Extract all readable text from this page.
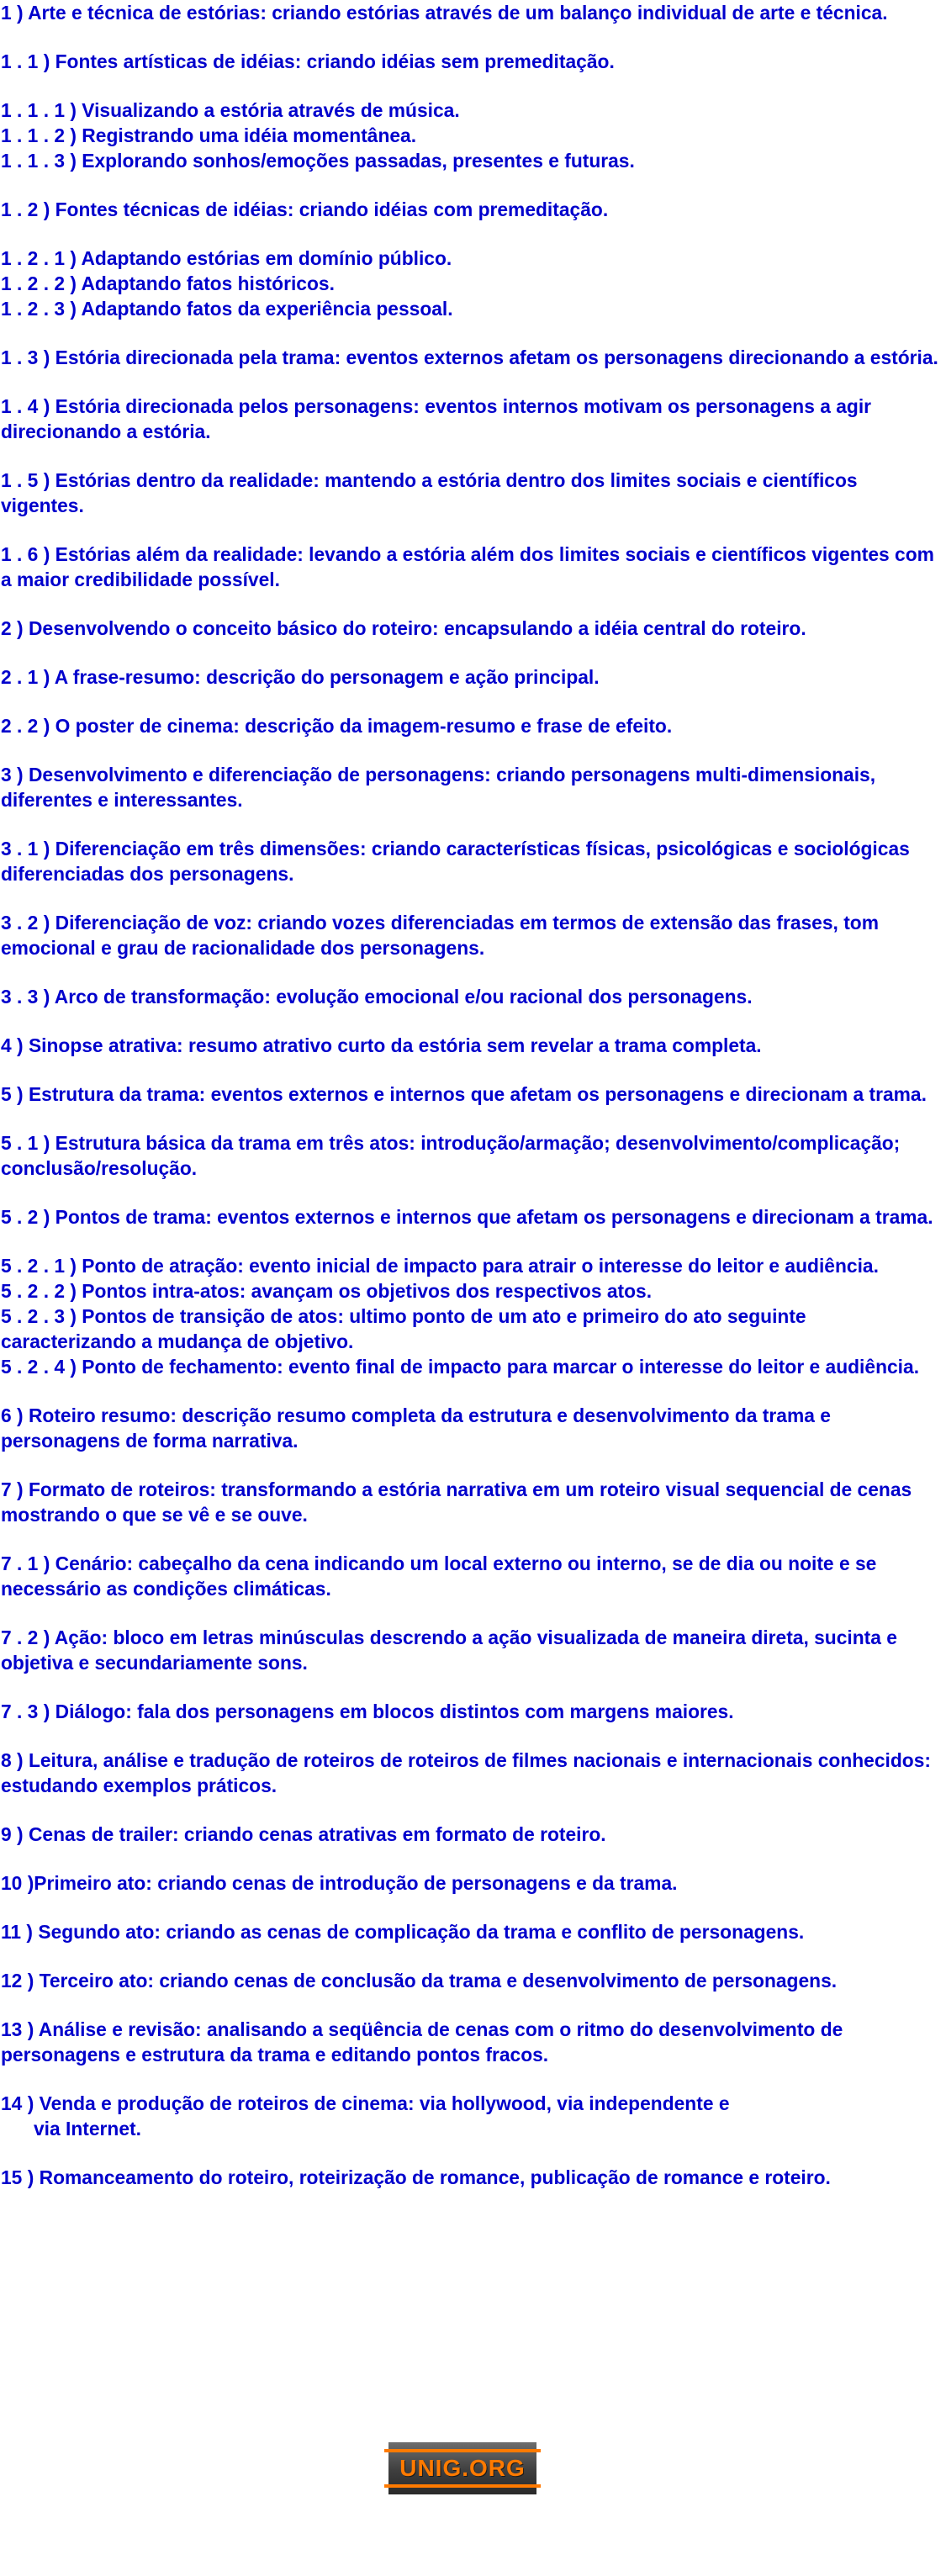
1 ) Arte e técnica de estórias: criando estórias através de um balanço individual de arte e técnica.

1 . 1 ) Fontes artísticas de idéias: criando idéias sem premeditação.

1 . 1 . 1 ) Visualizando a estória através de música.

1 . 1 . 2 ) Registrando uma idéia momentânea.

1 . 1 . 3 ) Explorando sonhos/emoções passadas, presentes e futuras.

1 . 2 ) Fontes técnicas de idéias: criando idéias com premeditação.

1 . 2 . 1 ) Adaptando estórias em domínio público.

1 . 2 . 2 ) Adaptando fatos históricos.

1 . 2 . 3 ) Adaptando fatos da experiência pessoal.

1 . 3 ) Estória direcionada pela trama: eventos externos afetam os personagens direcionando a estória.

1 . 4 ) Estória direcionada pelos personagens: eventos internos motivam os personagens a agir direcionando a estória.

1 . 5 ) Estórias dentro da realidade: mantendo a estória dentro dos limites sociais e científicos vigentes.

1 . 6 ) Estórias além da realidade: levando a estória além dos limites sociais e científicos vigentes com a maior credibilidade possível.

2 ) Desenvolvendo o conceito básico do roteiro: encapsulando a idéia central do roteiro.

2 . 1 ) A frase-resumo: descrição do personagem e ação principal.

2 . 2 ) O poster de cinema: descrição da imagem-resumo e frase de efeito.

3 ) Desenvolvimento e diferenciação de personagens: criando personagens multi-dimensionais, diferentes e interessantes.

3 . 1 ) Diferenciação em três dimensões: criando características físicas, psicológicas e sociológicas diferenciadas dos personagens.

3 . 2 ) Diferenciação de voz: criando vozes diferenciadas em termos de extensão das frases, tom emocional e grau de racionalidade dos personagens.

3 . 3 ) Arco de transformação: evolução emocional e/ou racional dos personagens.

4 ) Sinopse atrativa: resumo atrativo curto da estória sem revelar a trama completa.

5 ) Estrutura da trama: eventos externos e internos que afetam os personagens e direcionam a trama.

5 . 1 ) Estrutura básica da trama em três atos: introdução/armação; desenvolvimento/complicação; conclusão/resolução.

5 . 2 ) Pontos de trama: eventos externos e internos que afetam os personagens e direcionam a trama.

5 . 2 . 1 ) Ponto de atração: evento inicial de impacto para atrair o interesse do leitor e audiência.

5 . 2 . 2 ) Pontos intra-atos: avançam os objetivos dos respectivos atos.

5 . 2 . 3 ) Pontos de transição de atos: ultimo ponto de um ato e primeiro do ato seguinte caracterizando a mudança de objetivo.

5 . 2 . 4 ) Ponto de fechamento: evento final de impacto para marcar o interesse do leitor e audiência.

6 ) Roteiro resumo: descrição resumo completa da estrutura e desenvolvimento da trama e personagens de forma narrativa.

7 ) Formato de roteiros: transformando a estória narrativa em um roteiro visual sequencial de cenas mostrando o que se vê e se ouve.

7 . 1 ) Cenário: cabeçalho da cena indicando um local externo ou interno, se de dia ou noite e se necessário as condições climáticas.

7 . 2 ) Ação: bloco em letras minúsculas descrendo a ação visualizada de maneira direta, sucinta e objetiva e secundariamente sons.

7 . 3 ) Diálogo: fala dos personagens em blocos distintos com margens maiores.

8 ) Leitura, análise e tradução de roteiros de roteiros de filmes nacionais e internacionais conhecidos: estudando exemplos práticos.

9 ) Cenas de trailer: criando cenas atrativas em formato de roteiro.

10 )Primeiro ato: criando cenas de introdução de personagens e da trama.

11 ) Segundo ato: criando as cenas de complicação da trama e conflito de personagens.

12 ) Terceiro ato: criando cenas de conclusão da trama e desenvolvimento de personagens.

13 ) Análise e revisão: analisando a seqüência de cenas com o ritmo do desenvolvimento de personagens e estrutura da trama e editando pontos fracos.

14 ) Venda e produção de roteiros de cinema: via hollywood, via independente e

via Internet.

15 ) Romanceamento do roteiro, roteirização de romance, publicação de romance e roteiro.

UNIG.ORG
